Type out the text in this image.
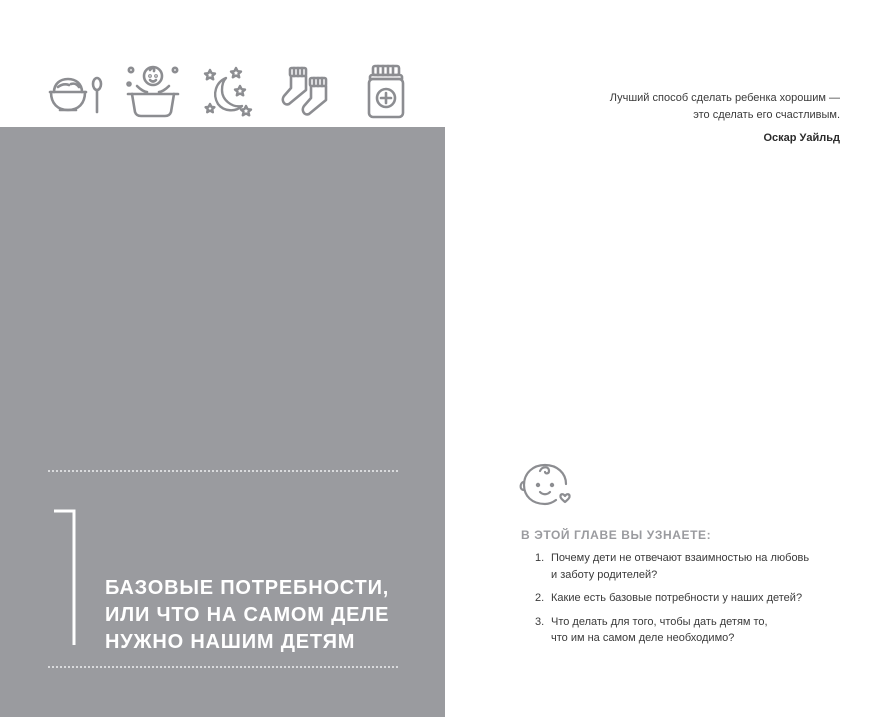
БАЗОВЫЕ ПОТРЕБНОСТИ,
ИЛИ ЧТО НА САМОМ ДЕЛЕ
НУЖНО НАШИМ ДЕТЯМ
Лучший способ сделать ребенка хорошим —
это сделать его счастливым.
Оскар Уайльд
В ЭТОЙ ГЛАВЕ ВЫ УЗНАЕТЕ:
1. Почему дети не отвечают взаимностью на любовь
и заботу родителей?
2. Какие есть базовые потребности у наших детей?
3. Что делать для того, чтобы дать детям то,
что им на самом деле необходимо?
